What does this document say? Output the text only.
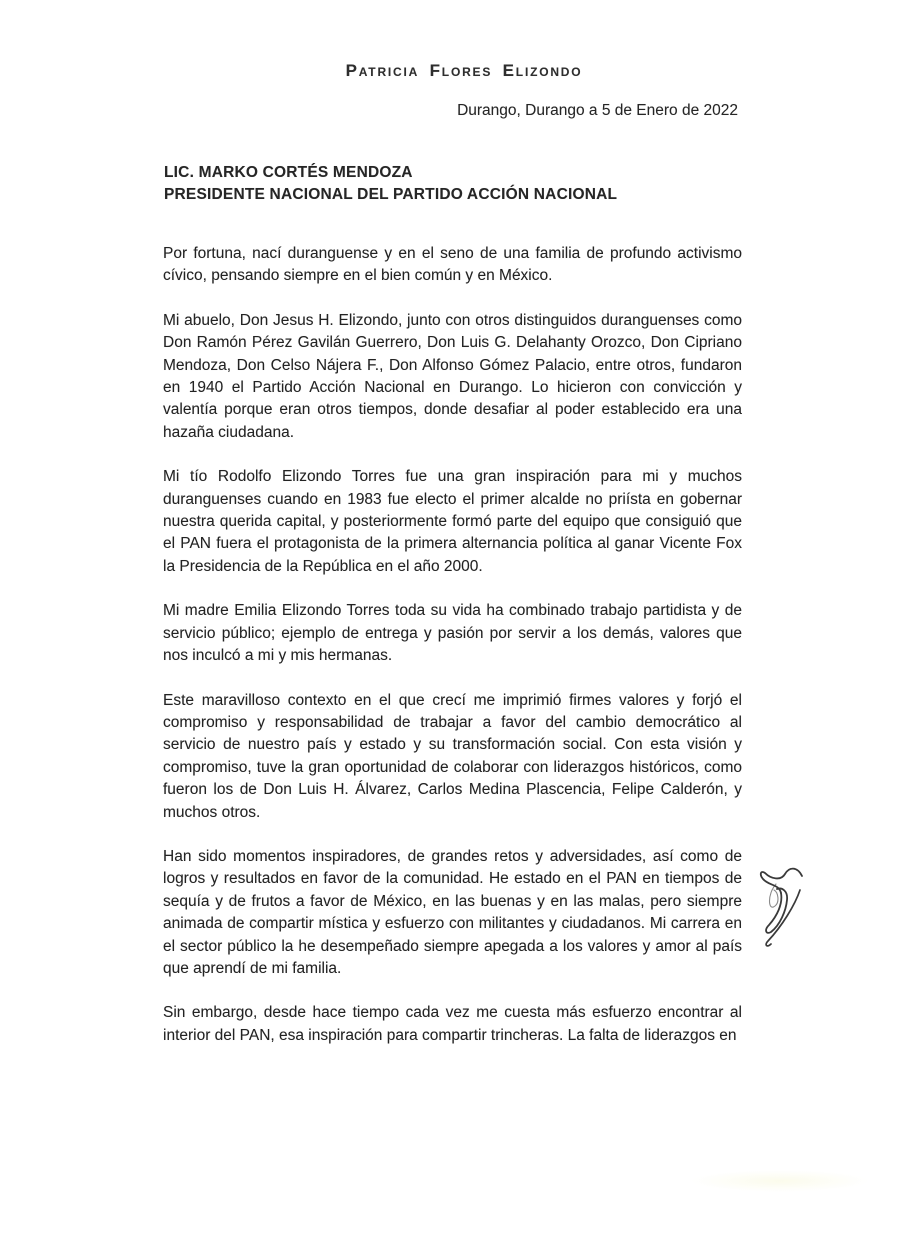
Patricia Flores Elizondo
Durango, Durango a 5 de Enero de 2022
LIC. MARKO CORTÉS MENDOZA
PRESIDENTE NACIONAL DEL PARTIDO ACCIÓN NACIONAL

Por fortuna, nací duranguense y en el seno de una familia de profundo activismo cívico, pensando siempre en el bien común y en México.

Mi abuelo, Don Jesus H. Elizondo, junto con otros distinguidos duranguenses como Don Ramón Pérez Gavilán Guerrero, Don Luis G. Delahanty Orozco, Don Cipriano Mendoza, Don Celso Nájera F., Don Alfonso Gómez Palacio, entre otros, fundaron en 1940 el Partido Acción Nacional en Durango. Lo hicieron con convicción y valentía porque eran otros tiempos, donde desafiar al poder establecido era una hazaña ciudadana.

Mi tío Rodolfo Elizondo Torres fue una gran inspiración para mi y muchos duranguenses cuando en 1983 fue electo el primer alcalde no priísta en gobernar nuestra querida capital, y posteriormente formó parte del equipo que consiguió que el PAN fuera el protagonista de la primera alternancia política al ganar Vicente Fox la Presidencia de la República en el año 2000.

Mi madre Emilia Elizondo Torres toda su vida ha combinado trabajo partidista y de servicio público; ejemplo de entrega y pasión por servir a los demás, valores que nos inculcó a mi y mis hermanas.

Este maravilloso contexto en el que crecí me imprimió firmes valores y forjó el compromiso y responsabilidad de trabajar a favor del cambio democrático al servicio de nuestro país y estado y su transformación social. Con esta visión y compromiso, tuve la gran oportunidad de colaborar con liderazgos históricos, como fueron los de Don Luis H. Álvarez, Carlos Medina Plascencia, Felipe Calderón, y muchos otros.

Han sido momentos inspiradores, de grandes retos y adversidades, así como de logros y resultados en favor de la comunidad. He estado en el PAN en tiempos de sequía y de frutos a favor de México, en las buenas y en las malas, pero siempre animada de compartir mística y esfuerzo con militantes y ciudadanos. Mi carrera en el sector público la he desempeñado siempre apegada a los valores y amor al país que aprendí de mi familia.

Sin embargo, desde hace tiempo cada vez me cuesta más esfuerzo encontrar al interior del PAN, esa inspiración para compartir trincheras. La falta de liderazgos en
